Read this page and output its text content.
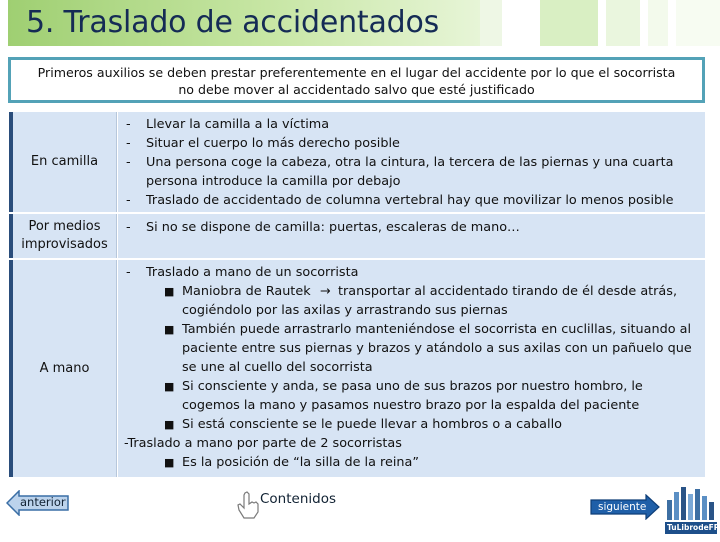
5. Traslado de accidentados
Primeros auxilios se deben prestar preferentemente en el lugar del accidente por lo que el socorrista
no debe mover al accidentado salvo que esté justificado
En camilla
- Llevar la camilla a la víctima
- Situar el cuerpo lo más derecho posible
- Una persona coge la cabeza, otra la cintura, la tercera de las piernas y una cuarta
persona introduce la camilla por debajo
- Traslado de accidentado de columna vertebral hay que movilizar lo menos posible
Por medios
improvisados
- Si no se dispone de camilla: puertas, escaleras de mano…
A mano
- Traslado a mano de un socorrista
■ Maniobra de Rautek → transportar al accidentado tirando de él desde atrás,
cogiéndolo por las axilas y arrastrando sus piernas
■ También puede arrastrarlo manteniéndose el socorrista en cuclillas, situando al
paciente entre sus piernas y brazos y atándolo a sus axilas con un pañuelo que
se une al cuello del socorrista
■ Si consciente y anda, se pasa uno de sus brazos por nuestro hombro, le
cogemos la mano y pasamos nuestro brazo por la espalda del paciente
■ Si está consciente se le puede llevar a hombros o a caballo
-Traslado a mano por parte de 2 socorristas
■ Es la posición de “la silla de la reina”
anterior	Contenidos	siguiente
TuLibrodeFP
